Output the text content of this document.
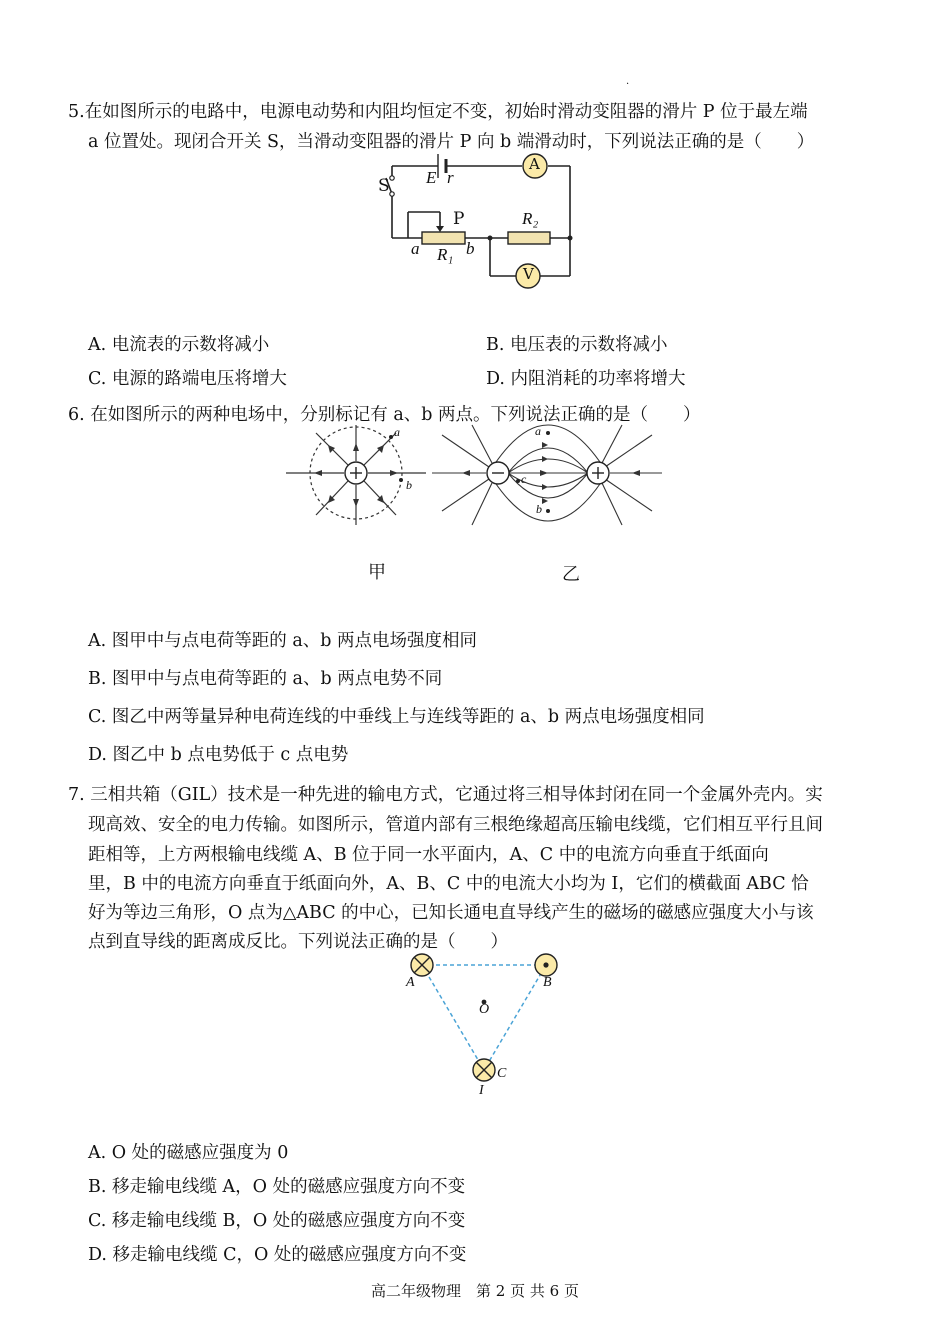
.
5.在如图所示的电路中，电源电动势和内阻均恒定不变，初始时滑动变阻器的滑片 P 位于最左端
a 位置处。现闭合开关 S，当滑动变阻器的滑片 P 向 b 端滑动时，下列说法正确的是（　　）
S E r
A
P	R₂
a R₁ b
V
A. 电流表的示数将减小	B. 电压表的示数将减小
C. 电源的路端电压将增大	D. 内阻消耗的功率将增大
6. 在如图所示的两种电场中，分别标记有 a、b 两点。下列说法正确的是（　　）
a
b
a
c
b
甲	乙
A. 图甲中与点电荷等距的 a、b 两点电场强度相同
B. 图甲中与点电荷等距的 a、b 两点电势不同
C. 图乙中两等量异种电荷连线的中垂线上与连线等距的 a、b 两点电场强度相同
D. 图乙中 b 点电势低于 c 点电势
7. 三相共箱（GIL）技术是一种先进的输电方式，它通过将三相导体封闭在同一个金属外壳内。实
现高效、安全的电力传输。如图所示，管道内部有三根绝缘超高压输电线缆，它们相互平行且间
距相等，上方两根输电线缆 A、B 位于同一水平面内，A、C 中的电流方向垂直于纸面向
里，B 中的电流方向垂直于纸面向外，A、B、C 中的电流大小均为 I，它们的横截面 ABC 恰
好为等边三角形，O 点为△ABC 的中心，已知长通电直导线产生的磁场的磁感应强度大小与该
点到直导线的距离成反比。下列说法正确的是（　　）
A	B
O
C
I
A. O 处的磁感应强度为 0
B. 移走输电线缆 A，O 处的磁感应强度方向不变
C. 移走输电线缆 B，O 处的磁感应强度方向不变
D. 移走输电线缆 C，O 处的磁感应强度方向不变
高二年级物理　第 2 页 共 6 页
